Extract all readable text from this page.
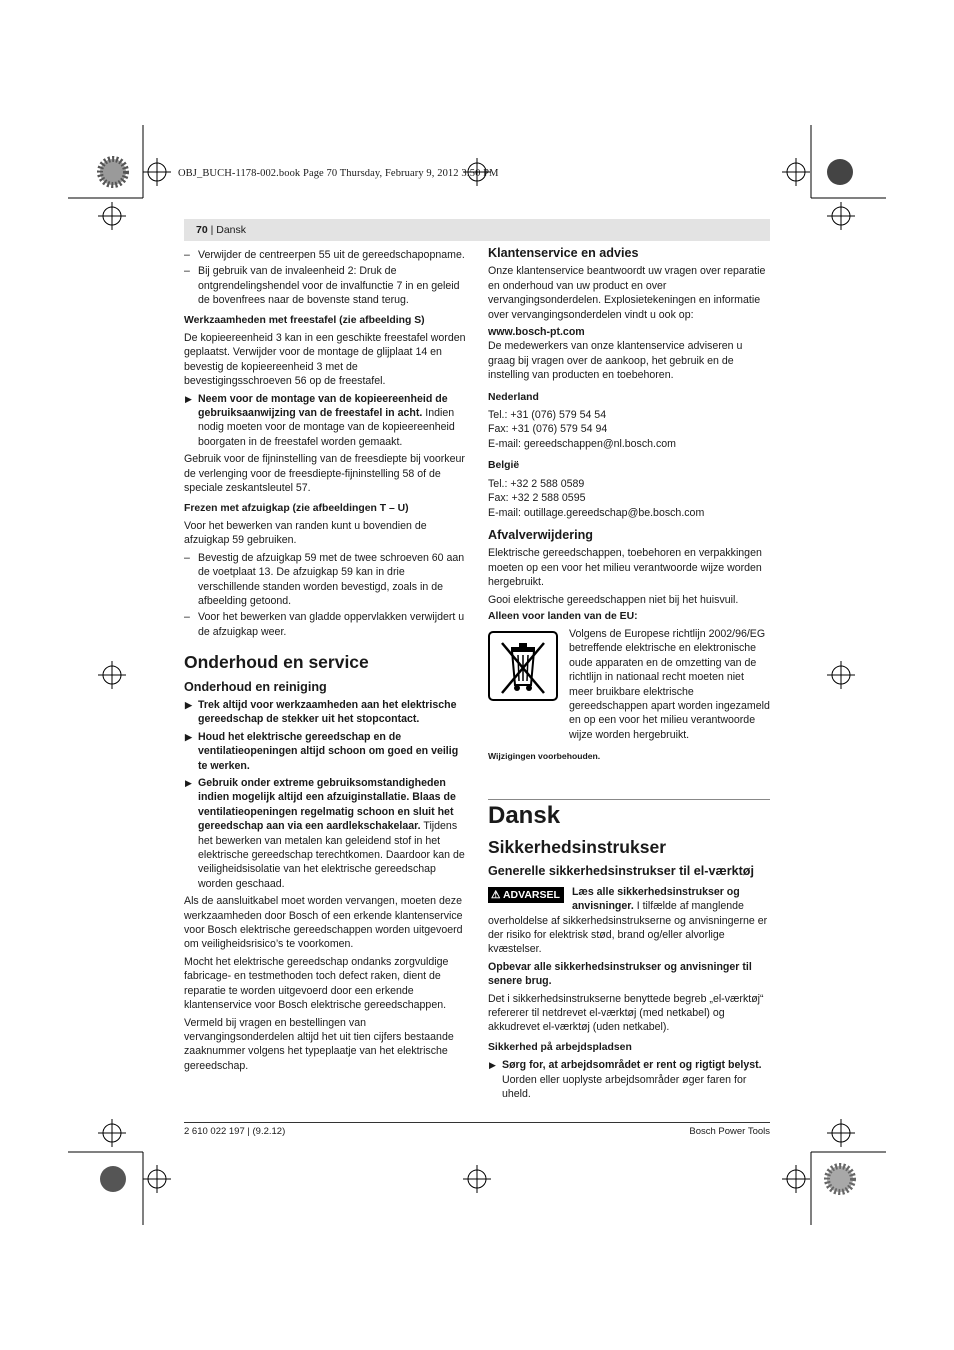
OBJ_BUCH-1178-002.book Page 70 Thursday, February 9, 2012 3:50 PM
70 | Dansk
– Verwijder de centreerpen 55 uit de gereedschapopname.
– Bij gebruik van de invaleenheid 2: Druk de ontgrendelingshendel voor de invalfunctie 7 in en geleid de bovenfrees naar de bovenste stand terug.
Werkzaamheden met freestafel (zie afbeelding S)

De kopieereenheid 3 kan in een geschikte freestafel worden geplaatst. Verwijder voor de montage de glijplaat 14 en bevestig de kopieereenheid 3 met de bevestigingsschroeven 56 op de freestafel.

▶ Neem voor de montage van de kopieereenheid de gebruiksaanwijzing van de freestafel in acht. Indien nodig moeten voor de montage van de kopieereenheid boorgaten in de freestafel worden gemaakt.

Gebruik voor de fijninstelling van de freesdiepte bij voorkeur de verlenging voor de freesdiepte-fijninstelling 58 of de speciale zeskantsleutel 57.

Frezen met afzuigkap (zie afbeeldingen T – U)

Voor het bewerken van randen kunt u bovendien de afzuigkap 59 gebruiken.

– Bevestig de afzuigkap 59 met de twee schroeven 60 aan de voetplaat 13. De afzuigkap 59 kan in drie verschillende standen worden bevestigd, zoals in de afbeelding getoond.
– Voor het bewerken van gladde oppervlakken verwijdert u de afzuigkap weer.
Onderhoud en service
Onderhoud en reiniging
▶ Trek altijd voor werkzaamheden aan het elektrische gereedschap de stekker uit het stopcontact.
▶ Houd het elektrische gereedschap en de ventilatieopeningen altijd schoon om goed en veilig te werken.
▶ Gebruik onder extreme gebruiksomstandigheden indien mogelijk altijd een afzuiginstallatie. Blaas de ventilatieopeningen regelmatig schoon en sluit het gereedschap aan via een aardlekschakelaar. Tijdens het bewerken van metalen kan geleidend stof in het elektrische gereedschap terechtkomen. Daardoor kan de veiligheidsisolatie van het elektrische gereedschap worden geschaad.

Als de aansluitkabel moet worden vervangen, moeten deze werkzaamheden door Bosch of een erkende klantenservice voor Bosch elektrische gereedschappen worden uitgevoerd om veiligheidsrisico’s te voorkomen.

Mocht het elektrische gereedschap ondanks zorgvuldige fabricage- en testmethoden toch defect raken, dient de reparatie te worden uitgevoerd door een erkende klantenservice voor Bosch elektrische gereedschappen.

Vermeld bij vragen en bestellingen van vervangingsonderdelen altijd het uit tien cijfers bestaande zaaknummer volgens het typeplaatje van het elektrische gereedschap.

Klantenservice en advies

Onze klantenservice beantwoordt uw vragen over reparatie en onderhoud van uw product en over vervangingsonderdelen. Explosietekeningen en informatie over vervangingsonderdelen vindt u ook op:

www.bosch-pt.com

De medewerkers van onze klantenservice adviseren u graag bij vragen over de aankoop, het gebruik en de instelling van producten en toebehoren.

Nederland
Tel.: +31 (076) 579 54 54
Fax: +31 (076) 579 54 94
E-mail: gereedschappen@nl.bosch.com
België
Tel.: +32 2 588 0589
Fax: +32 2 588 0595
E-mail: outillage.gereedschap@be.bosch.com
Afvalverwijdering

Elektrische gereedschappen, toebehoren en verpakkingen moeten op een voor het milieu verantwoorde wijze worden hergebruikt.

Gooi elektrische gereedschappen niet bij het huisvuil.

Alleen voor landen van de EU:
Volgens de Europese richtlijn 2002/96/EG betreffende elektrische en elektronische oude apparaten en de omzetting van de richtlijn in nationaal recht moeten niet meer bruikbare elektrische gereedschappen apart worden ingezameld en op een voor het milieu verantwoorde wijze worden hergebruikt.
Wijzigingen voorbehouden.
Dansk
Sikkerhedsinstrukser
Generelle sikkerhedsinstrukser til el-værktøj
⚠ ADVARSEL	Læs alle sikkerhedsinstrukser og anvisninger. I tilfælde af manglende overholdelse af sikkerhedsinstrukserne og anvisningerne er der risiko for elektrisk stød, brand og/eller alvorlige kvæstelser.

Opbevar alle sikkerhedsinstrukser og anvisninger til senere brug.

Det i sikkerhedsinstrukserne benyttede begreb „el-værktøj“ refererer til netdrevet el-værktøj (med netkabel) og akkudrevet el-værktøj (uden netkabel).

Sikkerhed på arbejdspladsen
▶ Sørg for, at arbejdsområdet er rent og rigtigt belyst.
Uorden eller uoplyste arbejdsområder øger faren for uheld.
2 610 022 197 | (9.2.12)	Bosch Power Tools
